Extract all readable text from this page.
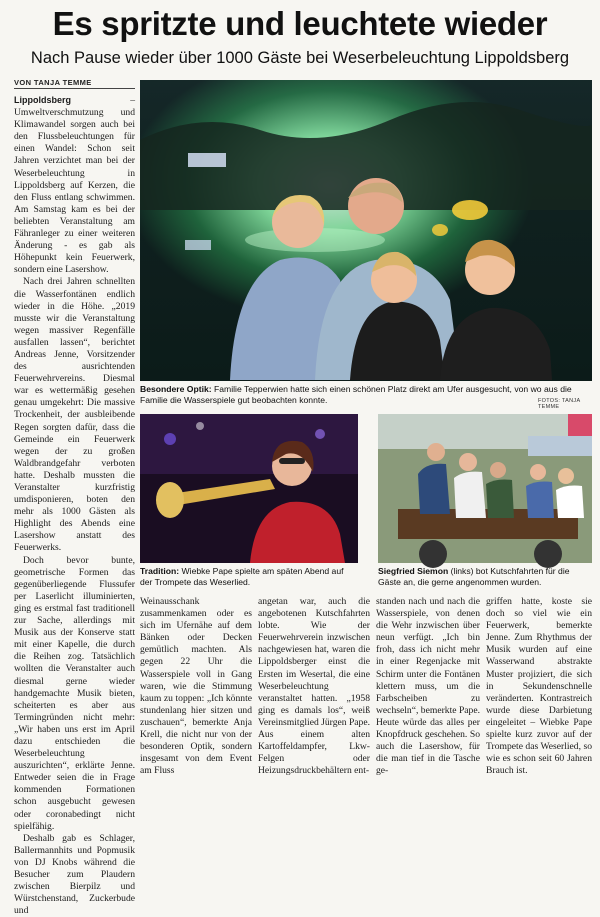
Es spritzte und leuchtete wieder
Nach Pause wieder über 1000 Gäste bei Weserbeleuchtung Lippoldsberg
VON TANJA TEMME

Lippoldsberg	– Umweltverschmutzung und Klimawandel sorgen auch bei den Flussbeleuchtungen für einen Wandel: Schon seit Jahren verzichtet man bei der Weserbeleuchtung in Lippoldsberg auf Kerzen, die den Fluss entlang schwimmen. Am Samstag kam es bei der beliebten Veranstaltung am Fähranleger zu einer weiteren Änderung - es gab als Höhepunkt kein Feuerwerk, sondern eine Lasershow.

Nach drei Jahren schnellten die Wasserfontänen endlich wieder in die Höhe. „2019 musste wir die Veranstaltung wegen massiver Regenfälle ausfallen lassen“, berichtet Andreas Jenne, Vorsitzender des ausrichtenden Feuerwehrvereins. Diesmal war es wettermäßig gesehen genau umgekehrt: Die massive Trockenheit, der ausbleibende Regen sorgten dafür, dass die Gemeinde ein Feuerwerk wegen der zu großen Waldbrandgefahr verboten hatte. Deshalb mussten die Veranstalter kurzfristig umdisponieren, boten den mehr als 1000 Gästen als Highlight des Abends eine Lasershow anstatt des Feuerwerks.

Doch bevor bunte, geometrische Formen das gegenüberliegende Flussufer per Laserlicht illuminierten, ging es erstmal fast traditionell zur Sache, allerdings mit Musik aus der Konserve statt mit einer Kapelle, die durch die Reihen zog. Tatsächlich wollten die Veranstalter auch diesmal gerne wieder handgemachte Musik bieten, scheiterten es aber aus Termingründen nicht mehr: „Wir haben uns erst im April dazu entschieden die Weserbeleuchtung auszurichten“, erklärte Jenne. Entweder seien die in Frage kommenden Formationen schon ausgebucht gewesen oder coronabedingt nicht spielfähig.

Deshalb gab es Schlager, Ballermannhits und Popmusik von DJ Knobs während die Besucher zum Plaudern zwischen Bierpilz und Würstchenstand, Zuckerbude und

Besondere Optik: Familie Tepperwien hatte sich einen schönen Platz direkt am Ufer ausgesucht, von wo aus die Familie die Wasserspiele gut beobachten konnte.	FOTOS: TANJA TEMME
Tradition: Wiebke Pape spielte am späten Abend auf der Trompete das Weserlied.
Siegfried Siemon (links) bot Kutschfahrten für die Gäste an, die gerne angenommen wurden.
Weinausschank zusammenkamen oder es sich im Ufernähe auf dem Bänken oder Decken gemütlich machten. Als gegen 22 Uhr die Wasserspiele voll in Gang waren, wie die Stimmung kaum zu toppen: „Ich könnte stundenlang hier sitzen und zuschauen“, bemerkte Anja Krell, die nicht nur von der besonderen Optik, sondern insgesamt von dem Event am Fluss
angetan war, auch die angebotenen Kutschfahrten lobte. Wie der Feuerwehrverein inzwischen nachgewiesen hat, waren die Lippoldsberger einst die Ersten im Wesertal, die eine Weserbeleuchtung veranstaltet hatten. „1958 ging es damals los“, weiß Vereinsmitglied Jürgen Pape. Aus einem alten Kartoffeldampfer, Lkw-Felgen oder Heizungsdruckbehältern ent-
standen nach und nach die Wasserspiele, von denen die Wehr inzwischen über neun verfügt. „Ich bin froh, dass ich nicht mehr in einer Regenjacke mit Schirm unter die Fontänen klettern muss, um die Farbscheiben zu wechseln“, bemerkte Pape. Heute würde das alles per Knopfdruck geschehen. So auch die Lasershow, für die man tief in die Tasche ge-
griffen hatte, koste sie doch so viel wie ein Feuerwerk, bemerkte Jenne. Zum Rhythmus der Musik wurden auf eine Wasserwand abstrakte Muster projiziert, die sich in Sekundenschnelle veränderten. Kontrastreich wurde diese Darbietung eingeleitet – Wiebke Pape spielte kurz zuvor auf der Trompete das Weserlied, so wie es schon seit 60 Jahren Brauch ist.
